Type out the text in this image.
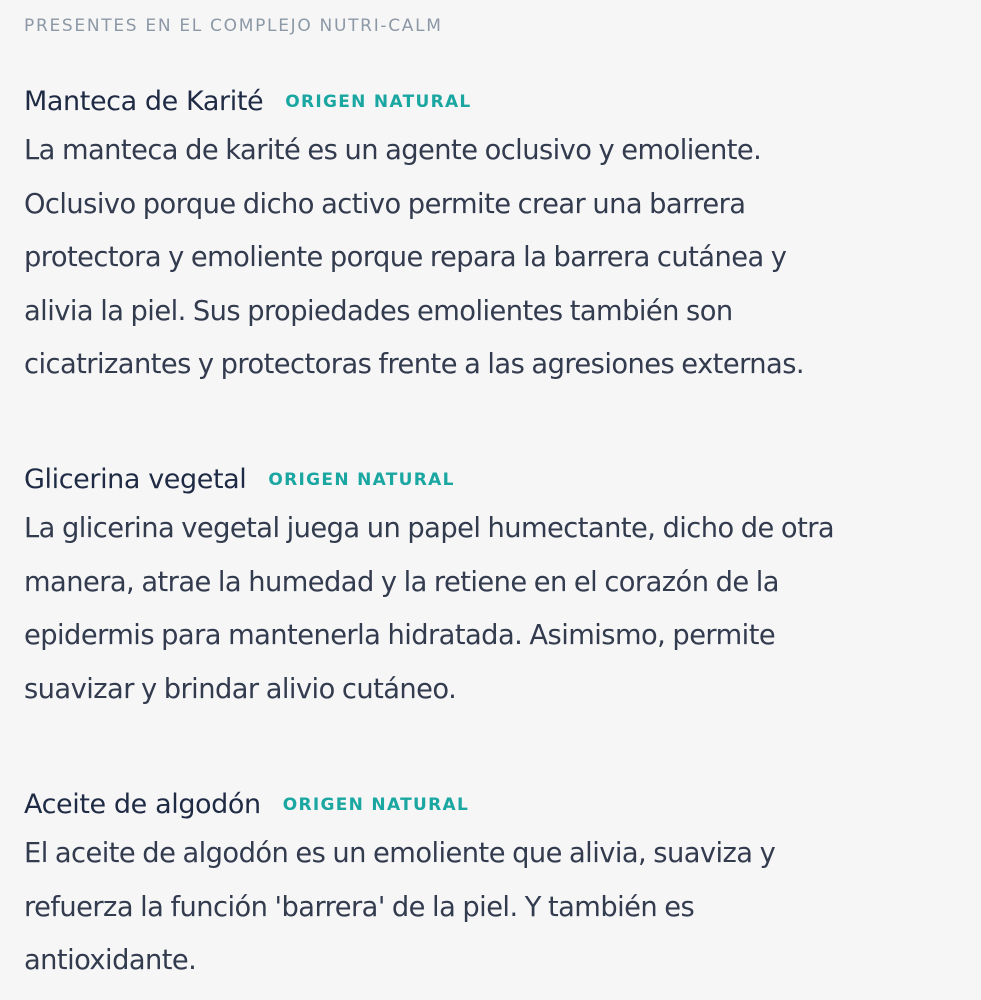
PRESENTES EN EL COMPLEJO NUTRI-CALM
Manteca de Karité ORIGEN NATURAL

La manteca de karité es un agente oclusivo y emoliente.
Oclusivo porque dicho activo permite crear una barrera
protectora y emoliente porque repara la barrera cutánea y
alivia la piel. Sus propiedades emolientes también son
cicatrizantes y protectoras frente a las agresiones externas.

Glicerina vegetal ORIGEN NATURAL

La glicerina vegetal juega un papel humectante, dicho de otra
manera, atrae la humedad y la retiene en el corazón de la
epidermis para mantenerla hidratada. Asimismo, permite
suavizar y brindar alivio cutáneo.

Aceite de algodón ORIGEN NATURAL

El aceite de algodón es un emoliente que alivia, suaviza y
refuerza la función 'barrera' de la piel. Y también es
antioxidante.
